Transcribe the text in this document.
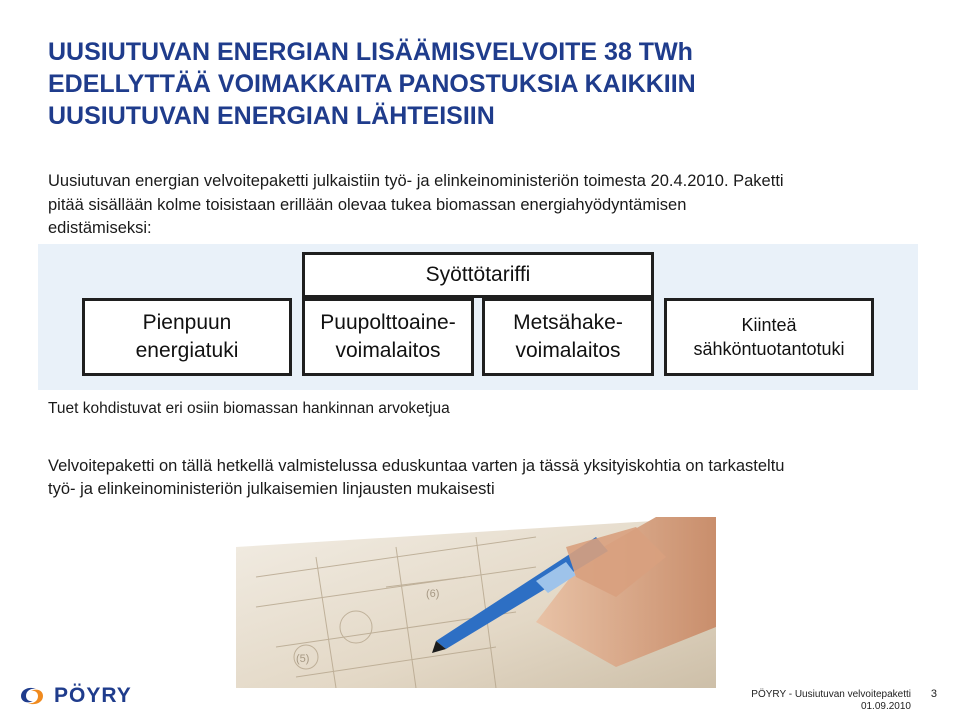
UUSIUTUVAN ENERGIAN LISÄÄMISVELVOITE 38 TWh
EDELLYTTÄÄ VOIMAKKAITA PANOSTUKSIA KAIKKIIN
UUSIUTUVAN ENERGIAN LÄHTEISIIN
Uusiutuvan energian velvoitepaketti julkaistiin työ- ja elinkeinoministeriön toimesta 20.4.2010. Paketti
pitää sisällään kolme toisistaan erillään olevaa tukea biomassan energiahyödyntämisen
edistämiseksi:
Syöttötariffi
Pienpuun
energiatuki
Puupolttoaine-
voimalaitos
Metsähake-
voimalaitos
Kiinteä
sähköntuotantotuki
Tuet kohdistuvat eri osiin biomassan hankinnan arvoketjua
Velvoitepaketti on tällä hetkellä valmistelussa eduskuntaa varten ja tässä yksityiskohtia on tarkasteltu
työ- ja elinkeinoministeriön julkaisemien linjausten mukaisesti
(5)
(6)
PÖYRY	PÖYRY - Uusiutuvan velvoitepaketti
01.09.2010
3
